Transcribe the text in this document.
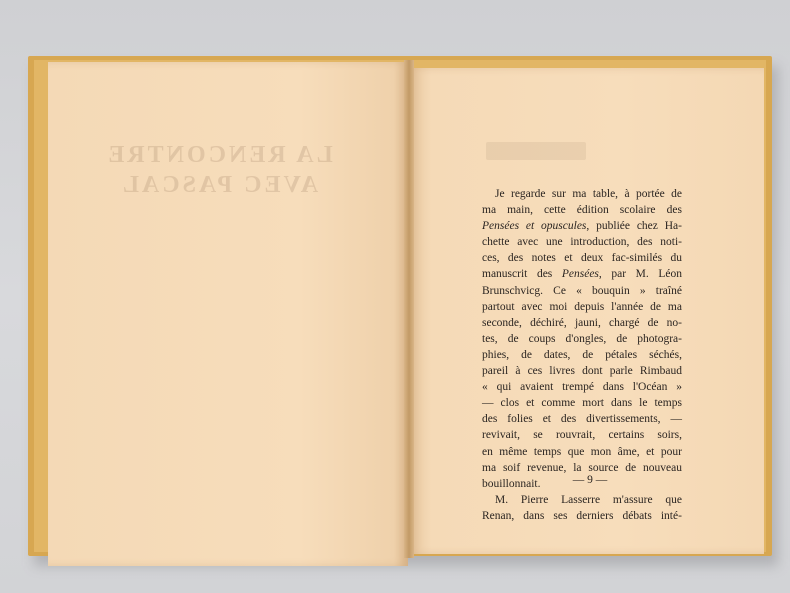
LA RENCONTRE
AVEC PASCAL	Je regarde sur ma table, à portée de
ma main, cette édition scolaire des
Pensées et opuscules, publiée chez Ha-
chette avec une introduction, des noti-
ces, des notes et deux fac-similés du
manuscrit des Pensées, par M. Léon
Brunschvicg. Ce « bouquin » traîné
partout avec moi depuis l'année de ma
seconde, déchiré, jauni, chargé de no-
tes, de coups d'ongles, de photogra-
phies, de dates, de pétales séchés,
pareil à ces livres dont parle Rimbaud
« qui avaient trempé dans l'Océan »
— clos et comme mort dans le temps
des folies et des divertissements, —
revivait, se rouvrait, certains soirs,
en même temps que mon âme, et pour
ma soif revenue, la source de nouveau
bouillonnait.
M. Pierre Lasserre m'assure que
Renan, dans ses derniers débats inté-
— 9 —
